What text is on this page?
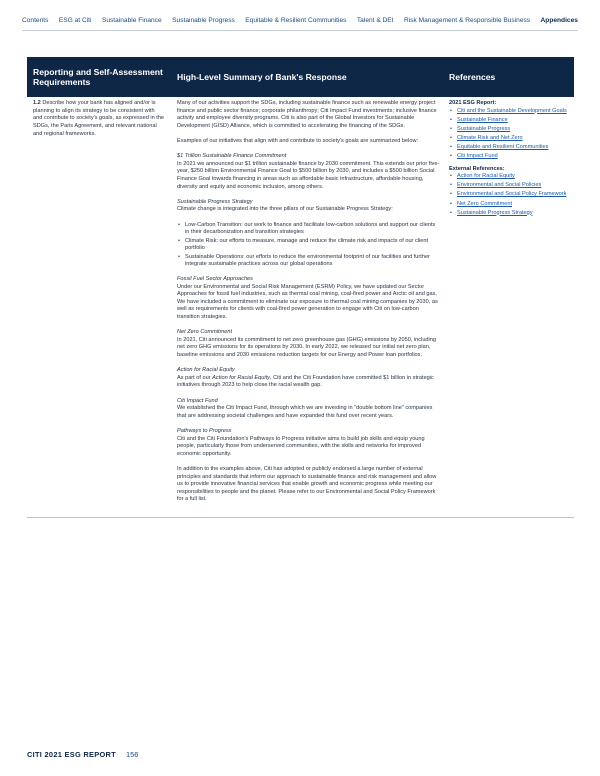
Contents ESG at Citi Sustainable Finance Sustainable Progress Equitable & Resilient Communities Talent & DEI Risk Management & Responsible Business Appendices
Reporting and Self-Assessment Requirements	High-Level Summary of Bank's Response	References
1.2 Describe how your bank has aligned and/or is planning to align its strategy to be consistent with and contribute to society's goals, as expressed in the SDGs, the Paris Agreement, and relevant national and regional frameworks.

Many of our activities support the SDGs, including sustainable finance such as renewable energy project finance and public sector finance; corporate philanthropy; Citi Impact Fund investments; inclusive finance activity and employee diversity programs. Citi is also part of the Global Investors for Sustainable Development (GISD) Alliance, which is committed to accelerating the financing of the SDGs.

Examples of our initiatives that align with and contribute to society's goals are summarized below:

$1 Trillion Sustainable Finance Commitment

In 2021 we announced our $1 trillion sustainable finance by 2030 commitment. This extends our prior five-year, $250 billion Environmental Finance Goal to $500 billion by 2030, and includes a $500 billion Social Finance Goal towards financing in areas such as affordable basic infrastructure, affordable housing, diversity and equity and economic inclusion, among others.

Sustainable Progress Strategy

Climate change is integrated into the three pillars of our Sustainable Progress Strategy:

• Low-Carbon Transition: our work to finance and facilitate low-carbon solutions and support our clients in their decarbonization and transition strategies
• Climate Risk: our efforts to measure, manage and reduce the climate risk and impacts of our client portfolio
• Sustainable Operations: our efforts to reduce the environmental footprint of our facilities and further integrate sustainable practices across our global operations
Fossil Fuel Sector Approaches

Under our Environmental and Social Risk Management (ESRM) Policy, we have updated our Sector Approaches for fossil fuel industries, such as thermal coal mining, coal-fired power and Arctic oil and gas. We have included a commitment to eliminate our exposure to thermal coal mining companies by 2030, as well as requirements for clients with coal-fired power generation to engage with Citi on low-carbon transition strategies.

Net Zero Commitment

In 2021, Citi announced its commitment to net zero greenhouse gas (GHG) emissions by 2050, including net zero GHG emissions for its operations by 2030. In early 2022, we released our initial net zero plan, baseline emissions and 2030 emissions reduction targets for our Energy and Power loan portfolios.

Action for Racial Equity

As part of our Action for Racial Equity, Citi and the Citi Foundation have committed $1 billion in strategic initiatives through 2023 to help close the racial wealth gap.

Citi Impact Fund

We established the Citi Impact Fund, through which we are investing in "double bottom line" companies that are addressing societal challenges and have expanded this fund over recent years.

Pathways to Progress

Citi and the Citi Foundation's Pathways to Progress initiative aims to build job skills and equip young people, particularly those from underserved communities, with the skills and networks for improved economic opportunity.

In addition to the examples above, Citi has adopted or publicly endorsed a large number of external principles and standards that inform our approach to sustainable finance and risk management and allow us to provide innovative financial services that enable growth and economic progress while meeting our responsibilities to people and the planet. Please refer to our Environmental and Social Policy Framework for a full list.

2021 ESG Report:
• Citi and the Sustainable Development Goals
• Sustainable Finance
• Sustainable Progress
• Climate Risk and Net Zero
• Equitable and Resilient Communities
• Citi Impact Fund
External References:
• Action for Racial Equity
• Environmental and Social Policies
• Environmental and Social Policy Framework
• Net Zero Commitment
• Sustainable Progress Strategy
CITI 2021 ESG REPORT 156
